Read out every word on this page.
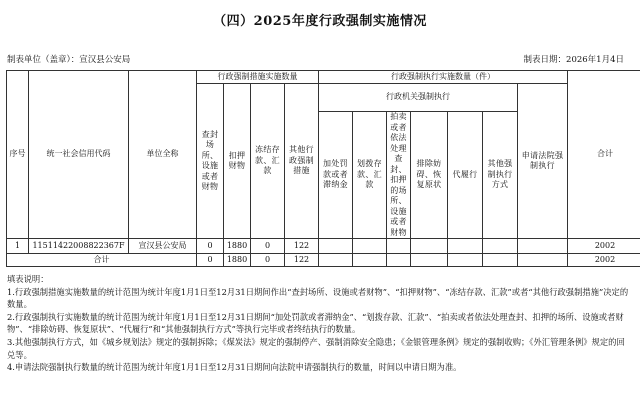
（四）2025年度行政强制实施情况
制表单位（盖章）：宣汉县公安局	制表日期：2026年1月4日
序号	统一社会信用代码	单位全称	行政强制措施实施数量				行政强制执行实施数量（件）							合计
			查封场所、设施或者财物	扣押财物	冻结存款、汇款	其他行政强制措施	行政机关强制执行						申请法院强制执行	
							加处罚款或者滞纳金	划拨存款、汇款	拍卖或者依法处理查封、扣押的场所、设施或者财物	排除妨碍、恢复原状	代履行	其他强制执行方式		
1	11511422008822367F	宣汉县公安局	0	1880	0	122								2002
合计			0	1880	0	122								2002
填表说明：
1.行政强制措施实施数量的统计范围为统计年度1月1日至12月31日期间作出“查封场所、设施或者财物”、“扣押财物”、“冻结存款、汇款”或者“其他行政强制措施”决定的数量。
2.行政强制执行实施数量的统计范围为统计年度1月1日至12月31日期间“加处罚款或者滞纳金”、“划拨存款、汇款”、“拍卖或者依法处理查封、扣押的场所、设施或者财物”、“排除妨碍、恢复原状”、“代履行”和“其他强制执行方式”等执行完毕或者终结执行的数量。
3.其他强制执行方式，如《城乡规划法》规定的强制拆除；《煤炭法》规定的强制停产、强制消除安全隐患；《金银管理条例》规定的强制收购；《外汇管理条例》规定的回兑等。
4.申请法院强制执行数量的统计范围为统计年度1月1日至12月31日期间向法院申请强制执行的数量，时间以申请日期为准。
